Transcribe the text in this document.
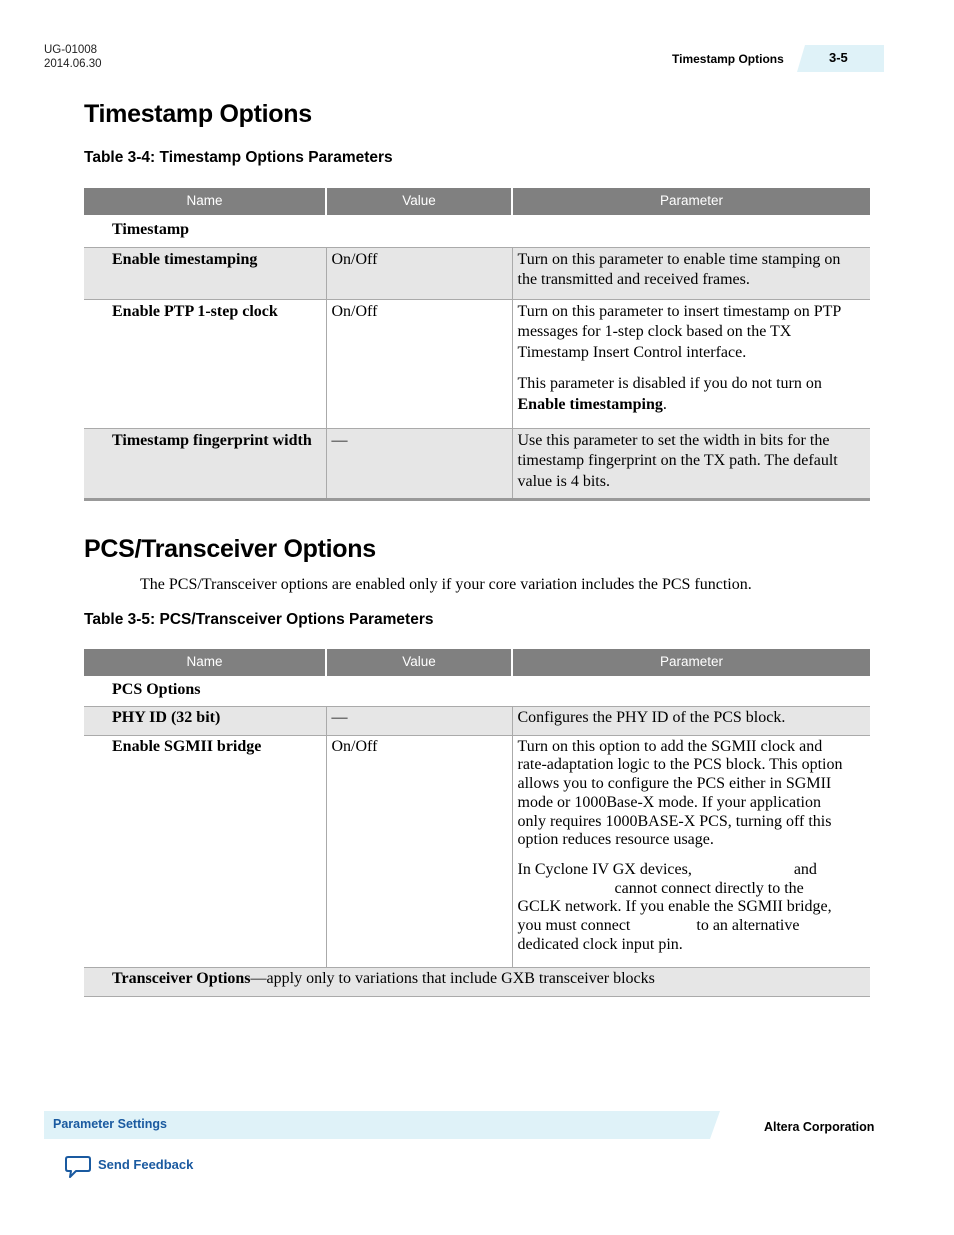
UG-01008
2014.06.30	Timestamp Options	3-5
Timestamp Options
Table 3-4: Timestamp Options Parameters
Name	Value	Parameter
Timestamp		
Enable timestamping	On/Off	Turn on this parameter to enable time stamping on the transmitted and received frames.
Enable PTP 1-step clock	On/Off	Turn on this parameter to insert timestamp on PTP messages for 1-step clock based on the TX Timestamp Insert Control interface.

This parameter is disabled if you do not turn on Enable timestamping.

Timestamp fingerprint width	—	Use this parameter to set the width in bits for the timestamp fingerprint on the TX path. The default value is 4 bits.
PCS/Transceiver Options
The PCS/Transceiver options are enabled only if your core variation includes the PCS function.
Table 3-5: PCS/Transceiver Options Parameters
Name	Value	Parameter
PCS Options		
PHY ID (32 bit)	—	Configures the PHY ID of the PCS block.
Enable SGMII bridge	On/Off	Turn on this option to add the SGMII clock and rate-adaptation logic to the PCS block. This option allows you to configure the PCS either in SGMII mode or 1000Base-X mode. If your application only requires 1000BASE-X PCS, turning off this option reduces resource usage.

In Cyclone IV GX devices, and
cannot connect directly to the GCLK network. If you enable the SGMII bridge, you must connect to an alternative dedicated clock input pin.

Transceiver Options—apply only to variations that include GXB transceiver blocks		
Parameter Settings	Altera Corporation
Send Feedback
